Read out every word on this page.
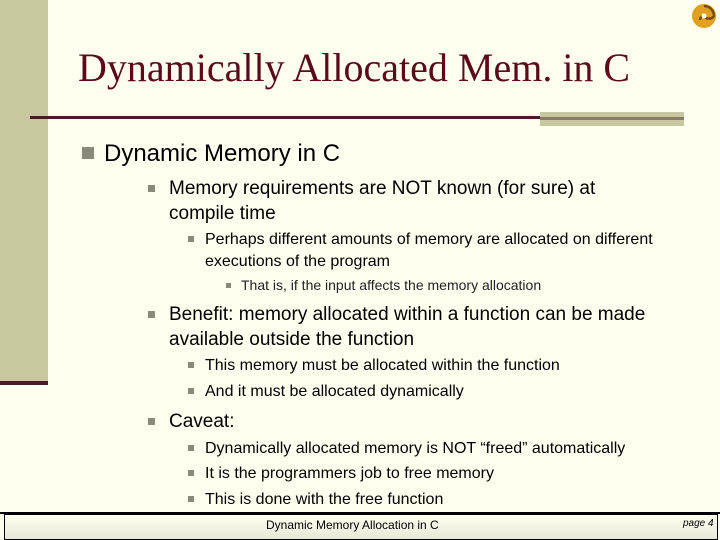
Dynamically Allocated Mem. in C
Dynamic Memory in C
Memory requirements are NOT known (for sure) at compile time
Perhaps different amounts of memory are allocated on different executions of the program
That is, if the input affects the memory allocation
Benefit: memory allocated within a function can be made available outside the function
This memory must be allocated within the function
And it must be allocated dynamically
Caveat:
Dynamically allocated memory is NOT “freed” automatically
It is the programmers job to free memory
This is done with the free function
Dynamic Memory Allocation in C	page 4
